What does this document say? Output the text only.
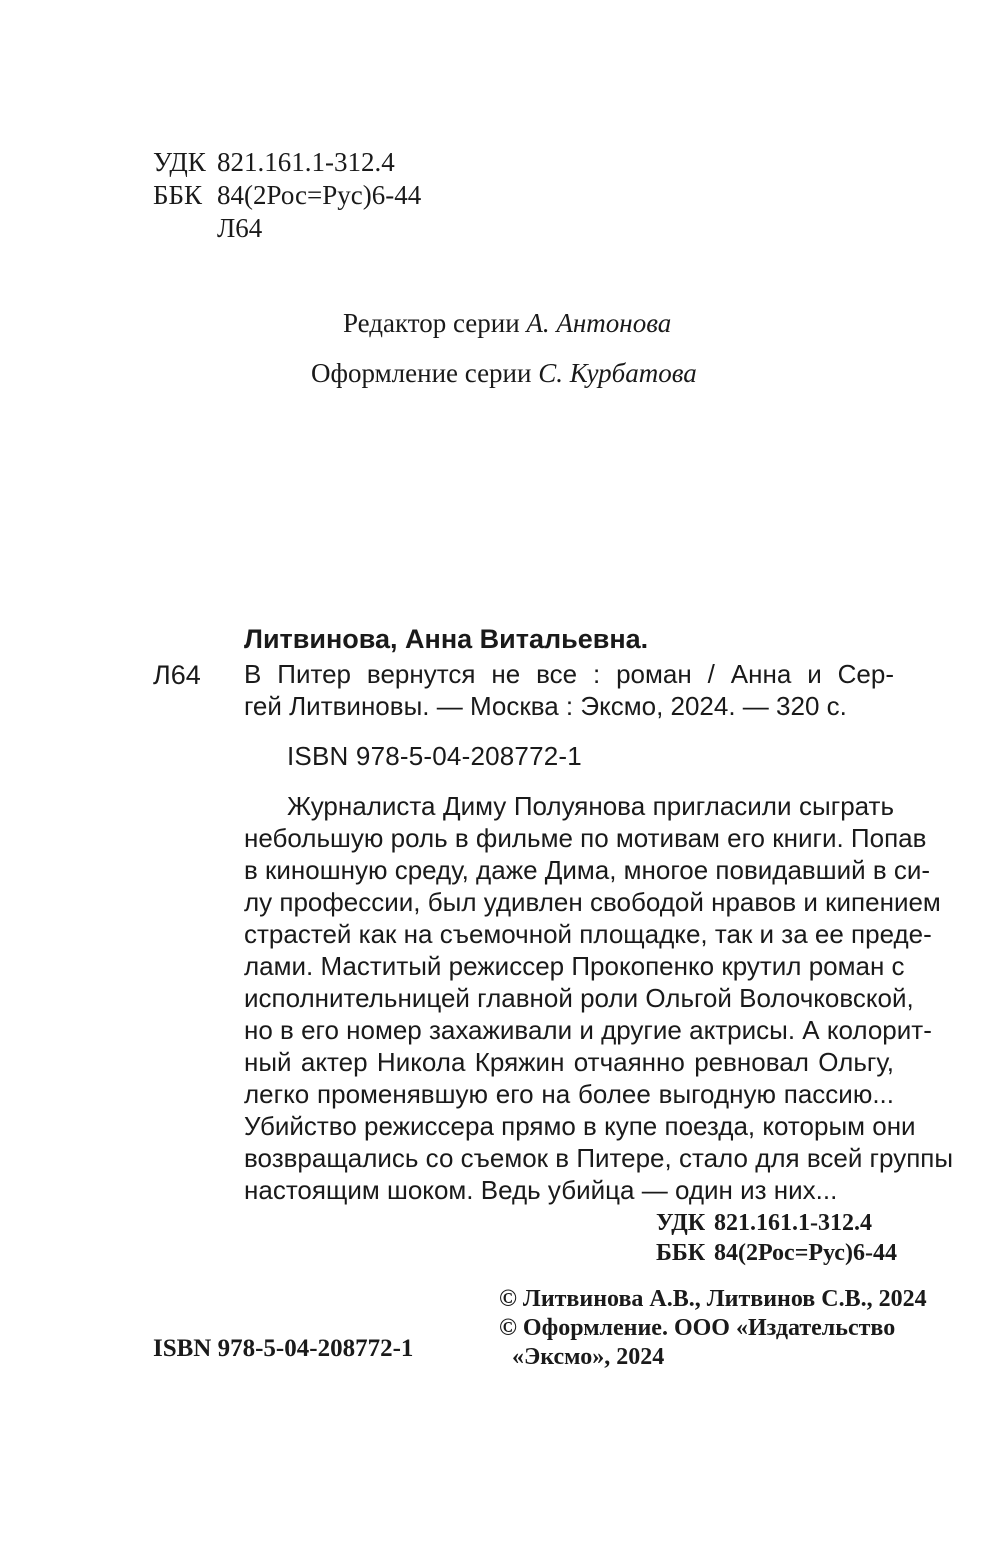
УДК 821.161.1-312.4
ББК 84(2Рос=Рус)6-44
Л64
Редактор серии А. Антонова
Оформление серии С. Курбатова
Литвинова, Анна Витальевна.
Л64 В Питер вернутся не все : роман / Анна и Сер-
гей Литвиновы. — Москва : Эксмо, 2024. — 320 с.
ISBN 978-5-04-208772-1
Журналиста Диму Полуянова пригласили сыграть
небольшую роль в фильме по мотивам его книги. Попав
в киношную среду, даже Дима, многое повидавший в си-
лу профессии, был удивлен свободой нравов и кипением
страстей как на съемочной площадке, так и за ее преде-
лами. Маститый режиссер Прокопенко крутил роман с
исполнительницей главной роли Ольгой Волочковской,
но в его номер захаживали и другие актрисы. А колорит-
ный актер Никола Кряжин отчаянно ревновал Ольгу,
легко променявшую его на более выгодную пассию...
Убийство режиссера прямо в купе поезда, которым они
возвращались со съемок в Питере, стало для всей группы
настоящим шоком. Ведь убийца — один из них...
УДК 821.161.1-312.4
ББК 84(2Рос=Рус)6-44
© Литвинова А.В., Литвинов С.В., 2024
© Оформление. ООО «Издательство
«Эксмо», 2024
ISBN 978-5-04-208772-1
